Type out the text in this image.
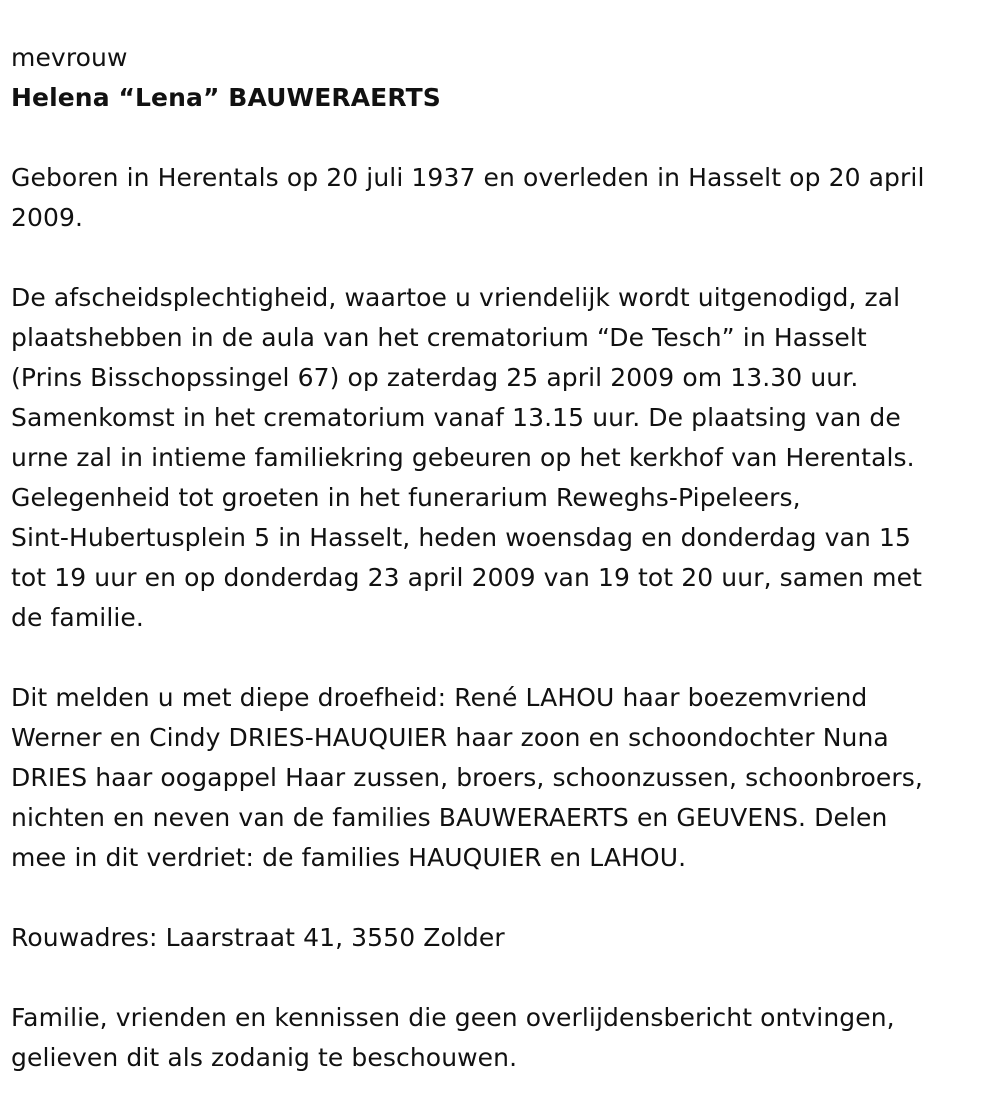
mevrouw

Helena “Lena” BAUWERAERTS

Geboren in Herentals op 20 juli 1937 en overleden in Hasselt op 20 april

2009.

De afscheidsplechtigheid, waartoe u vriendelijk wordt uitgenodigd, zal

plaatshebben in de aula van het crematorium “De Tesch” in Hasselt

(Prins Bisschopssingel 67) op zaterdag 25 april 2009 om 13.30 uur.

Samenkomst in het crematorium vanaf 13.15 uur. De plaatsing van de

urne zal in intieme familiekring gebeuren op het kerkhof van Herentals.

Gelegenheid tot groeten in het funerarium Reweghs-Pipeleers,

Sint-Hubertusplein 5 in Hasselt, heden woensdag en donderdag van 15

tot 19 uur en op donderdag 23 april 2009 van 19 tot 20 uur, samen met

de familie.

Dit melden u met diepe droefheid: René LAHOU haar boezemvriend

Werner en Cindy DRIES-HAUQUIER haar zoon en schoondochter Nuna

DRIES haar oogappel Haar zussen, broers, schoonzussen, schoonbroers,

nichten en neven van de families BAUWERAERTS en GEUVENS. Delen

mee in dit verdriet: de families HAUQUIER en LAHOU.

Rouwadres: Laarstraat 41, 3550 Zolder

Familie, vrienden en kennissen die geen overlijdensbericht ontvingen,

gelieven dit als zodanig te beschouwen.
